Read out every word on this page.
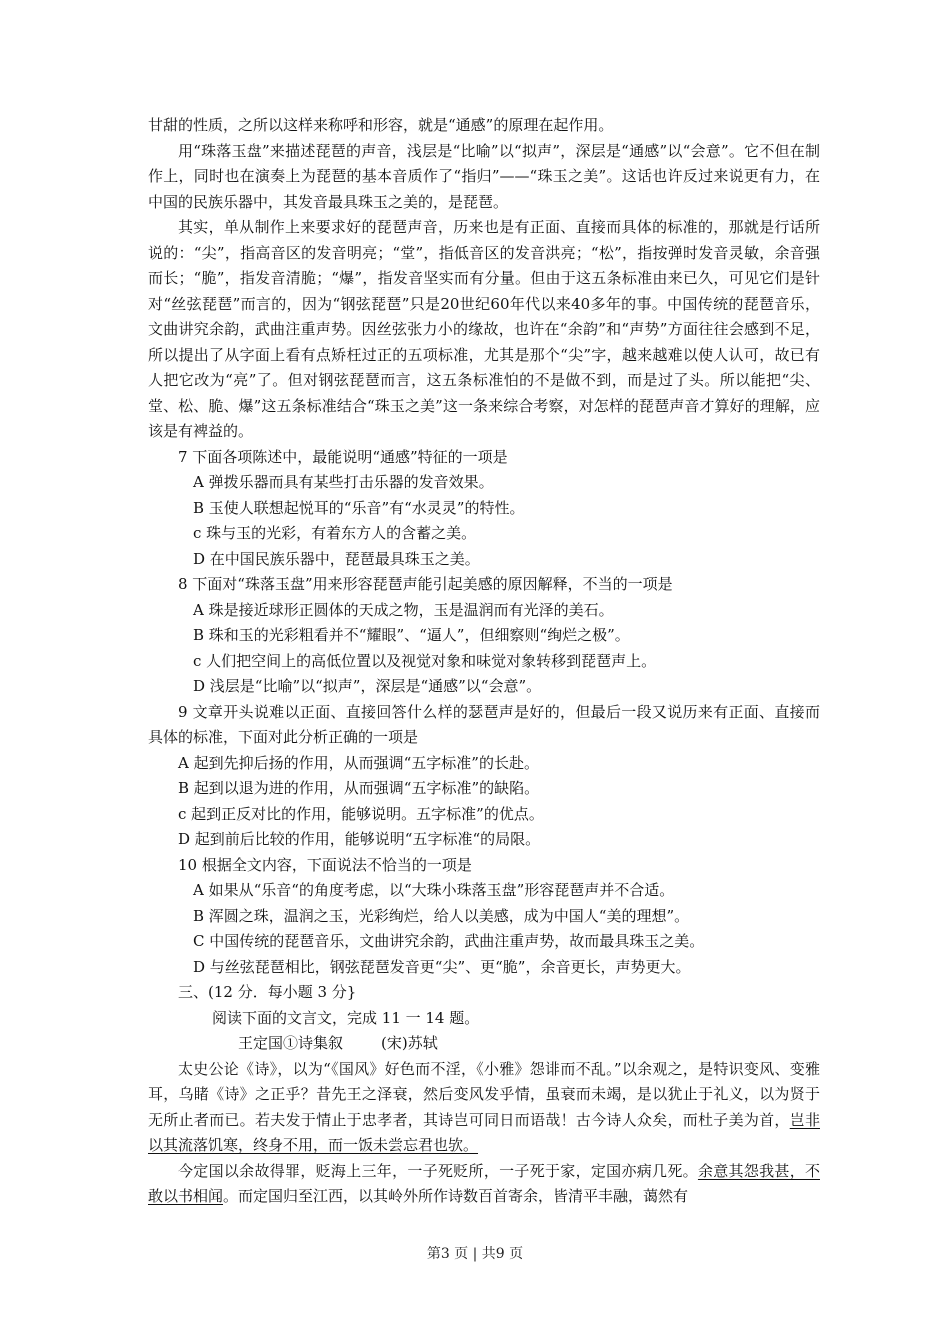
甘甜的性质，之所以这样来称呼和形容，就是“通感”的原理在起作用。

用“珠落玉盘”来描述琵琶的声音，浅层是“比喻”以“拟声”，深层是“通感”以“会意”。它不但在制作上，同时也在演奏上为琵琶的基本音质作了“指归”——“珠玉之美”。这话也许反过来说更有力，在中国的民族乐器中，其发音最具珠玉之美的，是琵琶。

其实，单从制作上来要求好的琵琶声音，历来也是有正面、直接而具体的标准的，那就是行话所说的：“尖”，指高音区的发音明亮；“堂”，指低音区的发音洪亮；“松”，指按弹时发音灵敏，余音强而长；“脆”，指发音清脆；“爆”，指发音坚实而有分量。但由于这五条标准由来已久，可见它们是针对“丝弦琵琶”而言的，因为“钢弦琵琶”只是20世纪60年代以来40多年的事。中国传统的琵琶音乐，文曲讲究余韵，武曲注重声势。因丝弦张力小的缘故，也许在“余韵”和“声势”方面往往会感到不足，所以提出了从字面上看有点矫枉过正的五项标准，尤其是那个“尖”字，越来越难以使人认可，故已有人把它改为“亮”了。但对钢弦琵琶而言，这五条标准怕的不是做不到，而是过了头。所以能把“尖、堂、松、脆、爆”这五条标准结合“珠玉之美”这一条来综合考察，对怎样的琵琶声音才算好的理解，应该是有裨益的。

7 下面各项陈述中，最能说明“通感”特征的一项是

A 弹拨乐器而具有某些打击乐器的发音效果。

B 玉使人联想起悦耳的“乐音”有“水灵灵”的特性。

c 珠与玉的光彩，有着东方人的含蓄之美。

D 在中国民族乐器中，琵琶最具珠玉之美。

8 下面对“珠落玉盘”用来形容琵琶声能引起美感的原因解释，不当的一项是

A 珠是接近球形正圆体的天成之物，玉是温润而有光泽的美石。

B 珠和玉的光彩粗看并不“耀眼”、“逼人”，但细察则“绚烂之极”。

c 人们把空间上的高低位置以及视觉对象和味觉对象转移到琵琶声上。

D 浅层是“比喻”以“拟声”，深层是“通感”以“会意”。

9 文章开头说难以正面、直接回答什么样的瑟琶声是好的，但最后一段又说历来有正面、直接而具体的标准，下面对此分析正确的一项是

A 起到先抑后扬的作用，从而强调“五字标准”的长赴。

B 起到以退为进的作用，从而强调“五字标准”的缺陷。

c 起到正反对比的作用，能够说明。五字标准”的优点。

D 起到前后比较的作用，能够说明“五字标准“的局限。

10 根据全文内容，下面说法不恰当的一项是

A 如果从“乐音“的角度考虑，以“大珠小珠落玉盘”形容琵琶声并不合适。

B 浑圆之珠，温润之玉，光彩绚烂，给人以美感，成为中国人“美的理想”。

C 中国传统的琵琶音乐，文曲讲究余韵，武曲注重声势，故而最具珠玉之美。

D 与丝弦琵琶相比，钢弦琵琶发音更“尖”、更“脆”，余音更长，声势更大。

三、(12 分．每小题 3 分}

阅读下面的文言文，完成 11 一 14 题。

王定国①诗集叙	(宋)苏轼

太史公论《诗》，以为“《国风》好色而不淫，《小雅》怨诽而不乱。”以余观之，是特识变风、变雅耳，乌睹《诗》之正乎？昔先王之泽衰，然后变风发乎情，虽衰而未竭，是以犹止于礼义，以为贤于无所止者而已。若夫发于情止于忠孝者，其诗岂可同日而语哉！古今诗人众矣，而杜子美为首，岂非以其流落饥寒，终身不用，而一饭未尝忘君也欤。

今定国以余故得罪，贬海上三年，一子死贬所，一子死于家，定国亦病几死。余意其怨我甚，不敢以书相闻。而定国归至江西，以其岭外所作诗数百首寄余，皆清平丰融，蔼然有

第3 页 | 共9 页
